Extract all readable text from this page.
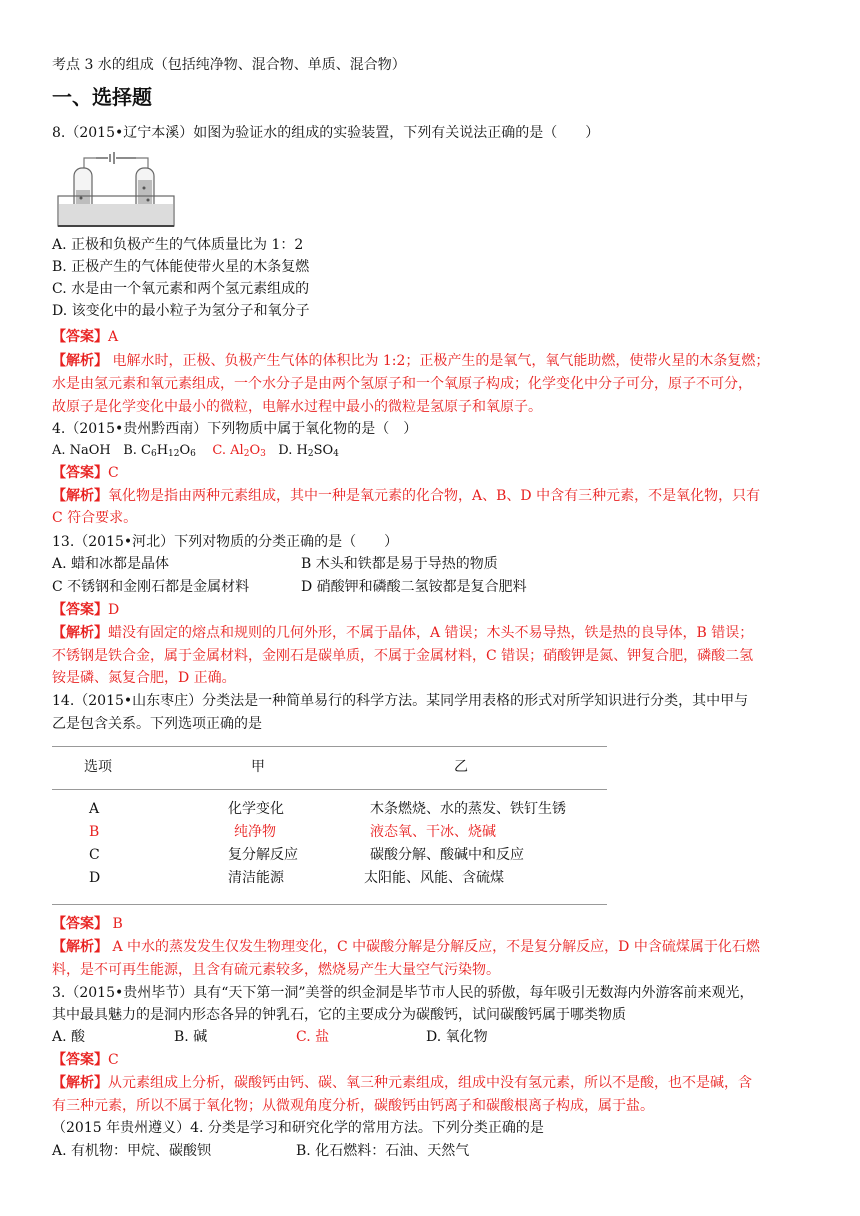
考点 3 水的组成（包括纯净物、混合物、单质、混合物）
一、选择题
8.（2015•辽宁本溪）如图为验证水的组成的实验装置，下列有关说法正确的是（　　）
A. 正极和负极产生的气体质量比为 1：2
B. 正极产生的气体能使带火星的木条复燃
C. 水是由一个氧元素和两个氢元素组成的
D. 该变化中的最小粒子为氢分子和氧分子
【答案】A
【解析】 电解水时，正极、负极产生气体的体积比为 1:2；正极产生的是氧气，氧气能助燃，使带火星的木条复燃；
水是由氢元素和氧元素组成，一个水分子是由两个氢原子和一个氧原子构成；化学变化中分子可分，原子不可分，
故原子是化学变化中最小的微粒，电解水过程中最小的微粒是氢原子和氧原子。
4.（2015•贵州黔西南）下列物质中属于氧化物的是（　）
A. NaOH B. $C_6H_{12}O_6$ C. $Al_2O_3$ D. $H_2SO_4$
【答案】C
【解析】氧化物是指由两种元素组成，其中一种是氧元素的化合物，A、B、D 中含有三种元素，不是氧化物，只有
C 符合要求。
13.（2015•河北）下列对物质的分类正确的是（　　）
A. 蜡和冰都是晶体	B 木头和铁都是易于导热的物质
C 不锈钢和金刚石都是金属材料	D 硝酸钾和磷酸二氢铵都是复合肥料
【答案】D
【解析】蜡没有固定的熔点和规则的几何外形，不属于晶体，A 错误；木头不易导热，铁是热的良导体，B 错误；
不锈钢是铁合金，属于金属材料，金刚石是碳单质，不属于金属材料，C 错误；硝酸钾是氮、钾复合肥，磷酸二氢
铵是磷、氮复合肥，D 正确。
14.（2015•山东枣庄）分类法是一种简单易行的科学方法。某同学用表格的形式对所学知识进行分类，其中甲与
乙是包含关系。下列选项正确的是
选项	甲	乙
A	化学变化	木条燃烧、水的蒸发、铁钉生锈
B	纯净物	液态氧、干冰、烧碱
C	复分解反应	碳酸分解、酸碱中和反应
D	清洁能源	太阳能、风能、含硫煤
【答案】 B
【解析】 A 中水的蒸发发生仅发生物理变化，C 中碳酸分解是分解反应，不是复分解反应，D 中含硫煤属于化石燃
料，是不可再生能源，且含有硫元素较多，燃烧易产生大量空气污染物。
3.（2015•贵州毕节）具有“天下第一洞”美誉的织金洞是毕节市人民的骄傲，每年吸引无数海内外游客前来观光，
其中最具魅力的是洞内形态各异的钟乳石，它的主要成分为碳酸钙，试问碳酸钙属于哪类物质
A. 酸	B. 碱	C. 盐	D. 氧化物
【答案】C
【解析】从元素组成上分析，碳酸钙由钙、碳、氧三种元素组成，组成中没有氢元素，所以不是酸，也不是碱，含
有三种元素，所以不属于氧化物；从微观角度分析，碳酸钙由钙离子和碳酸根离子构成，属于盐。
（2015 年贵州遵义）4. 分类是学习和研究化学的常用方法。下列分类正确的是
A. 有机物：甲烷、碳酸钡	B. 化石燃料：石油、天然气
